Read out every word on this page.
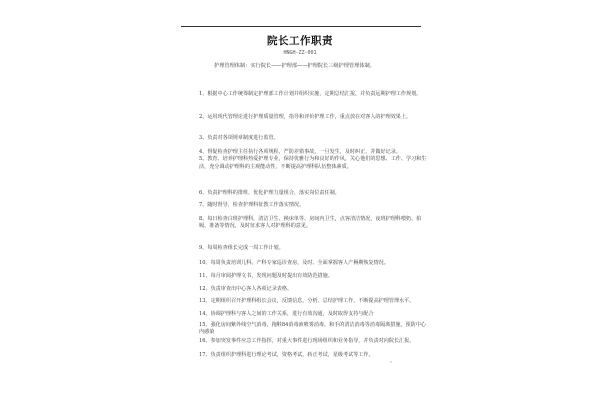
院长工作职责
HNGH-ZZ-001
护理管理体制：实行院长——护理部——护理院长三级护理管理体制。
1、根据中心工作统筹制定护理部工作计划并组织实施，定期总结汇报，并负责远期护理工作规划。
2、运用现代管理论进行护理质量管理，指导和评价护理工作，重点放在对客人的护理效果上。
3、负责对各项规章制度进行监管。
4、督促检查护理主任执行各项规程，严防差错事故，一旦发生，及时纠正，并做好记录。
5、教育、培养护理科热爱护理专业，保持优雅行为和良好的作风，关心他们的思想、工作、学习和生活，充分调动护理科的主观能动性，不断提高护理科队伍整体素质。
6、负责护理科的排班，优化护理力量组合，落实岗位责任制。
7、随时督导，检查护理科征教工作落实情况。
8、每日检查白班护理科，清洁卫生、换床单等、房间内卫生，点客清洁情况，夜班护理科喂奶、拍嗝、准备等情况，及时征求客人对护理科的意见。
9、每周检查组长完成一周工作计划。
10、每周负责培训儿科、产科专家巡诊查房，及时、全面掌握客人产褥期恢复情况。
11、每月审阅护理文书，发现问题及时提出有效防范措施。
12、负责审查出中心客人各项记录表格。
13、定期组织召开护理科组长会议，反馈信息，分析、总结护理工作，不断提高护理管理水平。
14、协调护理科与客人之间的工作关系，进行有效沟通，及时取得支持与配合
15、强化房间紫外线空气消毒，拖鞋84消毒液喷雾消毒，和手的清洁消毒等消毒隔离措施，预防中心内感染
16、参加突发事件应急工作指挥，对重大事件进行现场组织和业务指导，并负责对向院长汇报。
17、负责组织护理科进行理论考试，资格考试，转正考试，星级考试等工作。
。
